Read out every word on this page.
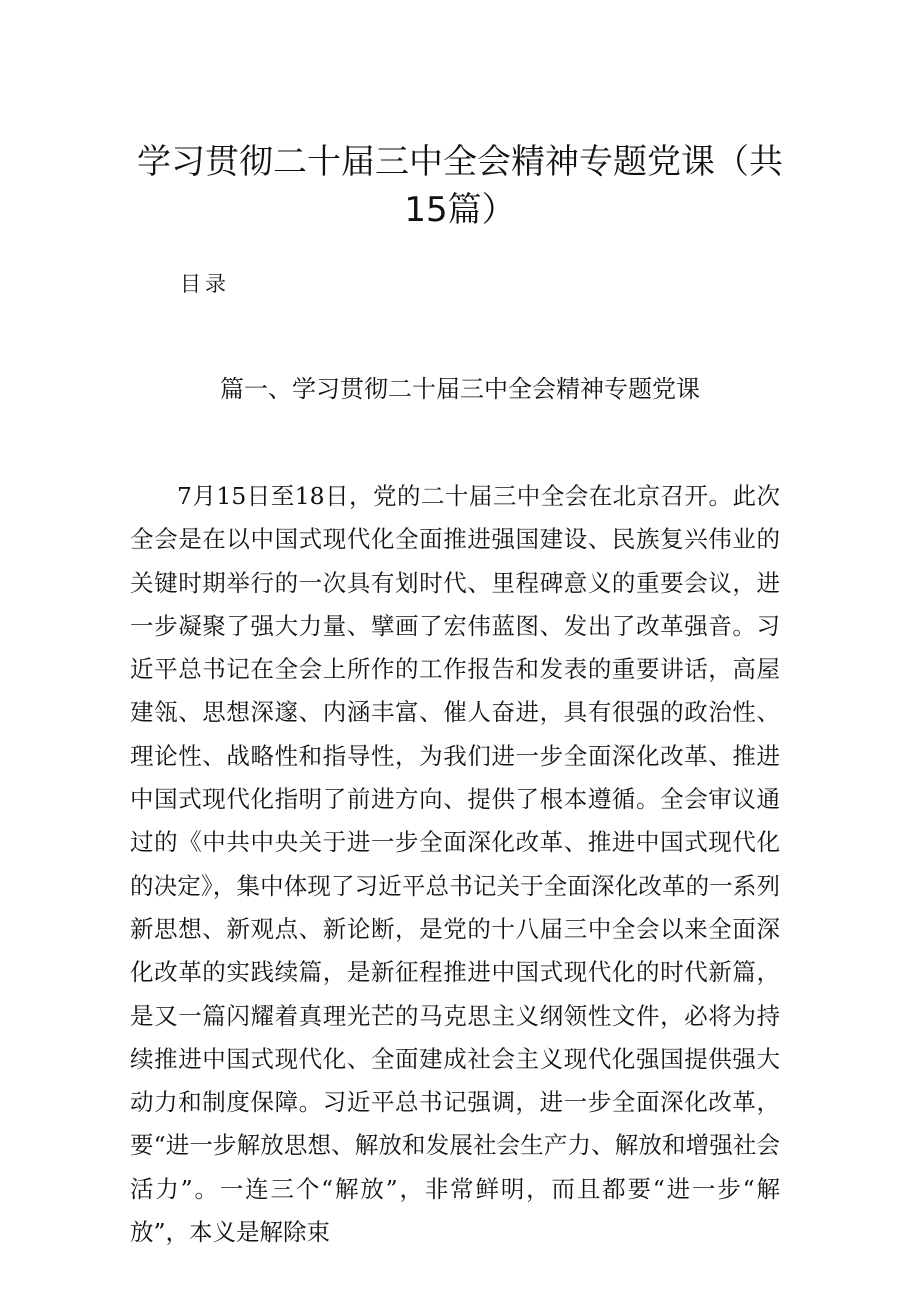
学习贯彻二十届三中全会精神专题党课（共15篇）
目录
篇一、学习贯彻二十届三中全会精神专题党课

7月15日至18日，党的二十届三中全会在北京召开。此次全会是在以中国式现代化全面推进强国建设、民族复兴伟业的关键时期举行的一次具有划时代、里程碑意义的重要会议，进一步凝聚了强大力量、擘画了宏伟蓝图、发出了改革强音。习近平总书记在全会上所作的工作报告和发表的重要讲话，高屋建瓴、思想深邃、内涵丰富、催人奋进，具有很强的政治性、理论性、战略性和指导性，为我们进一步全面深化改革、推进中国式现代化指明了前进方向、提供了根本遵循。全会审议通过的《中共中央关于进一步全面深化改革、推进中国式现代化的决定》，集中体现了习近平总书记关于全面深化改革的一系列新思想、新观点、新论断，是党的十八届三中全会以来全面深化改革的实践续篇，是新征程推进中国式现代化的时代新篇，是又一篇闪耀着真理光芒的马克思主义纲领性文件，必将为持续推进中国式现代化、全面建成社会主义现代化强国提供强大动力和制度保障。习近平总书记强调，进一步全面深化改革，要“进一步解放思想、解放和发展社会生产力、解放和增强社会活力”。一连三个“解放”，非常鲜明，而且都要“进一步“解放”，本义是解除束
